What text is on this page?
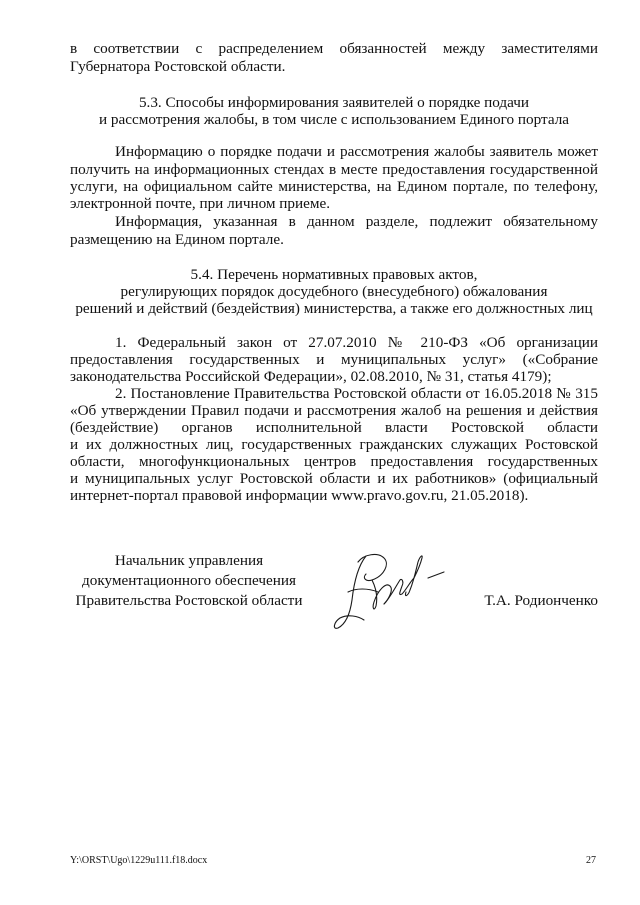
в соответствии с распределением обязанностей между заместителями
Губернатора Ростовской области.
5.3. Способы информирования заявителей о порядке подачи
и рассмотрения жалобы, в том числе с использованием Единого портала
Информацию о порядке подачи и рассмотрения жалобы заявитель может
получить на информационных стендах в месте предоставления государственной
услуги, на официальном сайте министерства, на Едином портале, по телефону,
электронной почте, при личном приеме.
Информация, указанная в данном разделе, подлежит обязательному
размещению на Едином портале.
5.4. Перечень нормативных правовых актов,
регулирующих порядок досудебного (внесудебного) обжалования
решений и действий (бездействия) министерства, а также его должностных лиц
1. Федеральный закон от 27.07.2010 № 210-ФЗ «Об организации
предоставления государственных и муниципальных услуг» («Собрание
законодательства Российской Федерации», 02.08.2010, № 31, статья 4179);
2. Постановление Правительства Ростовской области от 16.05.2018 № 315
«Об утверждении Правил подачи и рассмотрения жалоб на решения и действия
(бездействие) органов исполнительной власти Ростовской области
и их должностных лиц, государственных гражданских служащих Ростовской
области, многофункциональных центров предоставления государственных
и муниципальных услуг Ростовской области и их работников» (официальный
интернет-портал правовой информации www.pravo.gov.ru, 21.05.2018).
Начальник управления
документационного обеспечения
Правительства Ростовской области	Т.А. Родионченко
Y:\ORST\Ugo\1229u111.f18.docx	27
